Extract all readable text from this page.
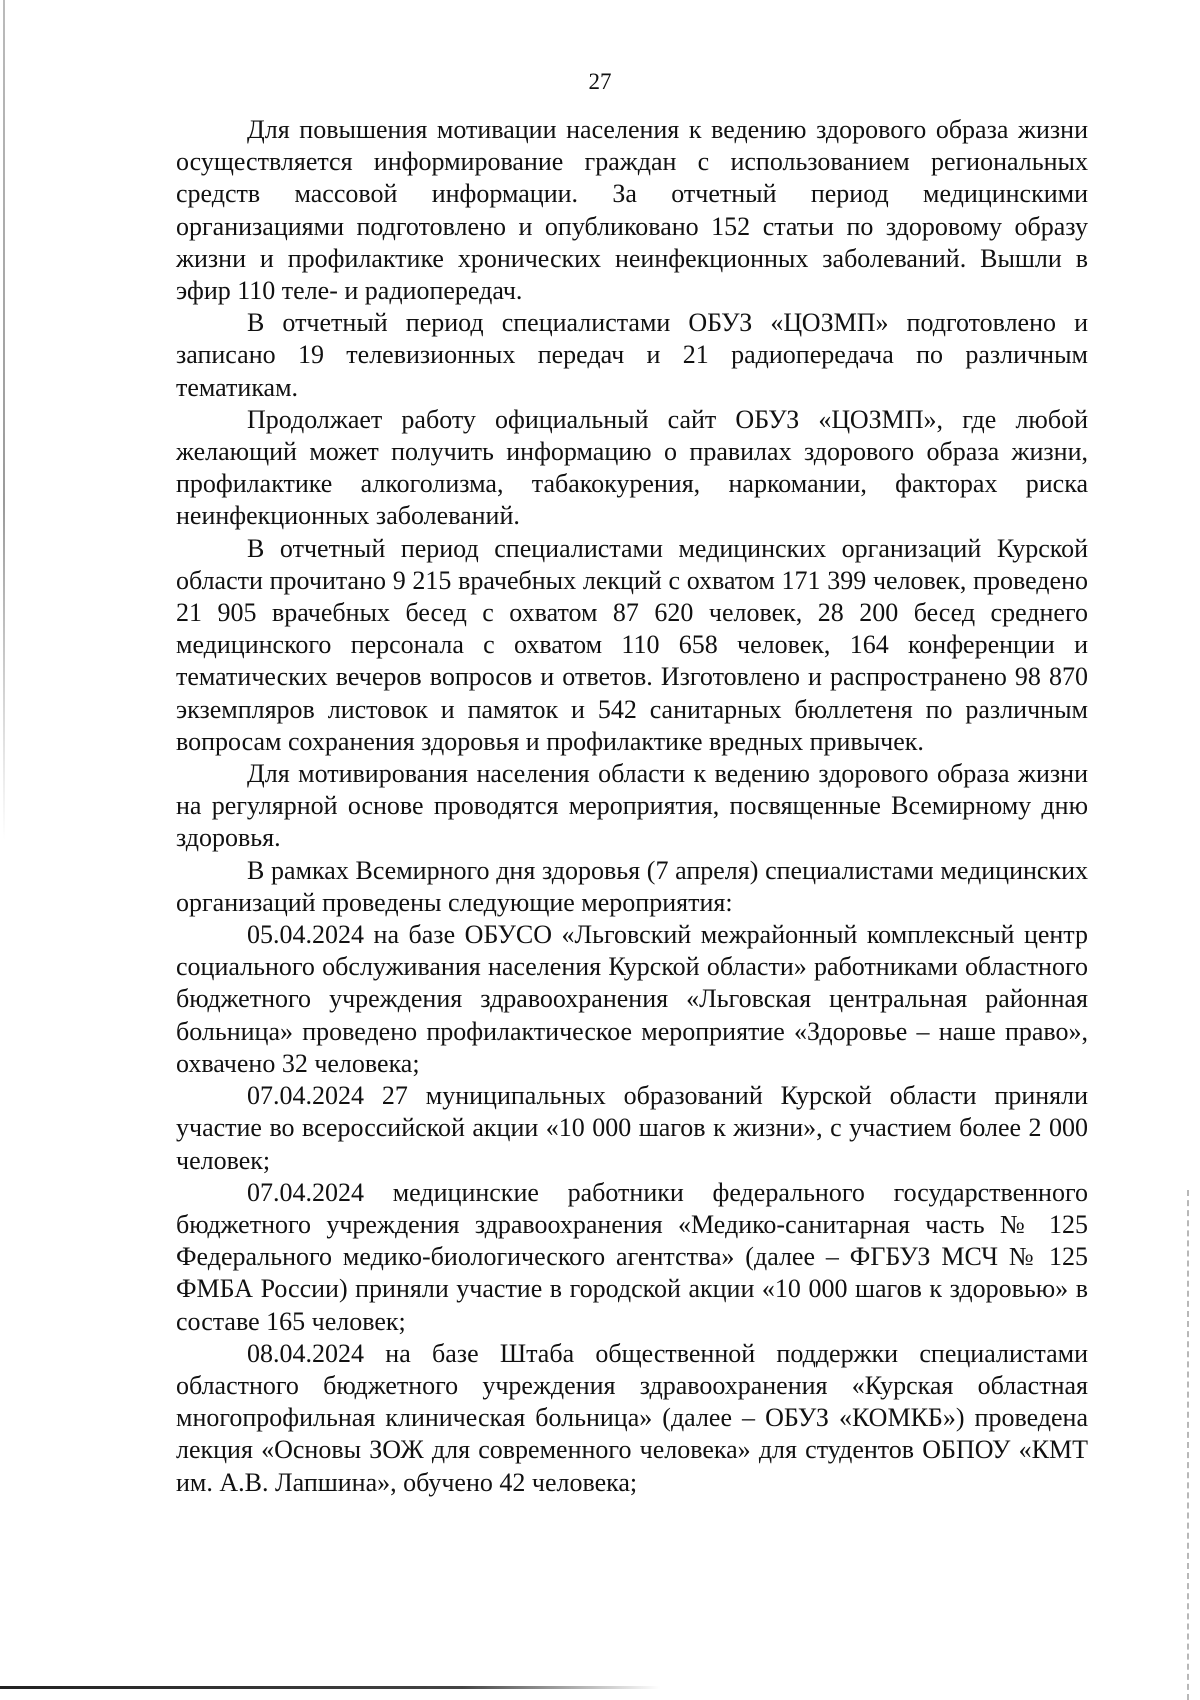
27

Для повышения мотивации населения к ведению здорового образа жизни осуществляется информирование граждан с использованием региональных средств массовой информации. За отчетный период медицинскими организациями подготовлено и опубликовано 152 статьи по здоровому образу жизни и профилактике хронических неинфекционных заболеваний. Вышли в эфир 110 теле- и радиопередач.

В отчетный период специалистами ОБУЗ «ЦОЗМП» подготовлено и записано 19 телевизионных передач и 21 радиопередача по различным тематикам.

Продолжает работу официальный сайт ОБУЗ «ЦОЗМП», где любой желающий может получить информацию о правилах здорового образа жизни, профилактике алкоголизма, табакокурения, наркомании, факторах риска неинфекционных заболеваний.

В отчетный период специалистами медицинских организаций Курской области прочитано 9 215 врачебных лекций с охватом 171 399 человек, проведено 21 905 врачебных бесед с охватом 87 620 человек, 28 200 бесед среднего медицинского персонала с охватом 110 658 человек, 164 конференции и тематических вечеров вопросов и ответов. Изготовлено и распространено 98 870 экземпляров листовок и памяток и 542 санитарных бюллетеня по различным вопросам сохранения здоровья и профилактике вредных привычек.

Для мотивирования населения области к ведению здорового образа жизни на регулярной основе проводятся мероприятия, посвященные Всемирному дню здоровья.

В рамках Всемирного дня здоровья (7 апреля) специалистами медицинских организаций проведены следующие мероприятия:

05.04.2024 на базе ОБУСО «Льговский межрайонный комплексный центр социального обслуживания населения Курской области» работниками областного бюджетного учреждения здравоохранения «Льговская центральная районная больница» проведено профилактическое мероприятие «Здоровье – наше право», охвачено 32 человека;

07.04.2024 27 муниципальных образований Курской области приняли участие во всероссийской акции «10 000 шагов к жизни», с участием более 2 000 человек;

07.04.2024 медицинские работники федерального государственного бюджетного учреждения здравоохранения «Медико-санитарная часть № 125 Федерального медико-биологического агентства» (далее – ФГБУЗ МСЧ № 125 ФМБА России) приняли участие в городской акции «10 000 шагов к здоровью» в составе 165 человек;

08.04.2024 на базе Штаба общественной поддержки специалистами областного бюджетного учреждения здравоохранения «Курская областная многопрофильная клиническая больница» (далее – ОБУЗ «КОМКБ») проведена лекция «Основы ЗОЖ для современного человека» для студентов ОБПОУ «КМТ им. А.В. Лапшина», обучено 42 человека;
